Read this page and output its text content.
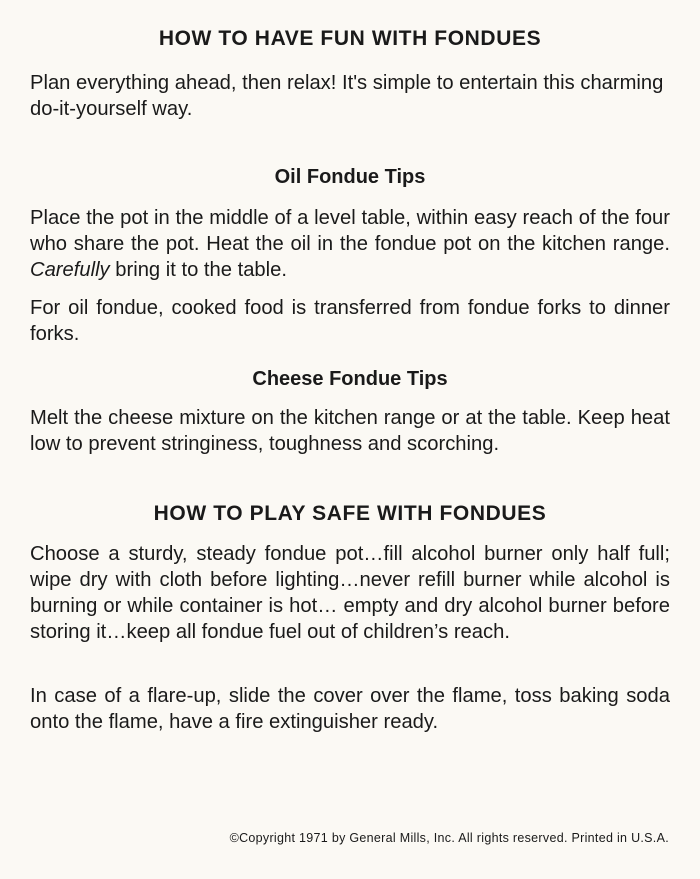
HOW TO HAVE FUN WITH FONDUES

Plan everything ahead, then relax! It's simple to entertain this charming do-it-yourself way.

Oil Fondue Tips

Place the pot in the middle of a level table, within easy reach of the four who share the pot. Heat the oil in the fondue pot on the kitchen range. Carefully bring it to the table.

For oil fondue, cooked food is transferred from fondue forks to dinner forks.

Cheese Fondue Tips

Melt the cheese mixture on the kitchen range or at the table. Keep heat low to prevent stringiness, toughness and scorching.

HOW TO PLAY SAFE WITH FONDUES

Choose a sturdy, steady fondue pot…fill alcohol burner only half full; wipe dry with cloth before lighting…never refill burner while alcohol is burning or while container is hot… empty and dry alcohol burner before storing it…keep all fondue fuel out of children’s reach.

In case of a flare-up, slide the cover over the flame, toss baking soda onto the flame, have a fire extinguisher ready.

©Copyright 1971 by General Mills, Inc. All rights reserved. Printed in U.S.A.
